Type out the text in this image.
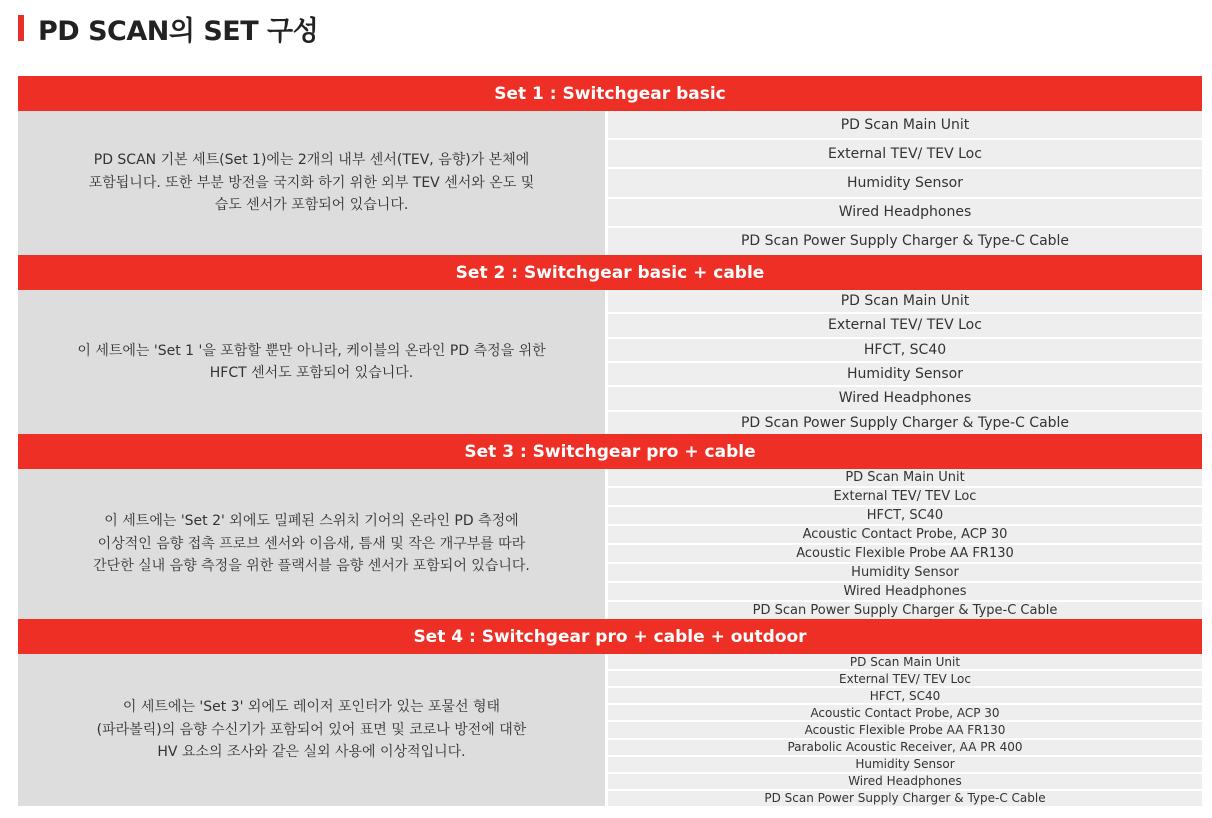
PD SCAN의 SET 구성
Set 1 : Switchgear basic
PD SCAN 기본 세트(Set 1)에는 2개의 내부 센서(TEV, 음향)가 본체에
포함됩니다. 또한 부분 방전을 국지화 하기 위한 외부 TEV 센서와 온도 및
습도 센서가 포함되어 있습니다.
PD Scan Main Unit
External TEV/ TEV Loc
Humidity Sensor
Wired Headphones
PD Scan Power Supply Charger & Type-C Cable
Set 2 : Switchgear basic + cable
이 세트에는 'Set 1 '을 포함할 뿐만 아니라, 케이블의 온라인 PD 측정을 위한
HFCT 센서도 포함되어 있습니다.
PD Scan Main Unit
External TEV/ TEV Loc
HFCT, SC40
Humidity Sensor
Wired Headphones
PD Scan Power Supply Charger & Type-C Cable
Set 3 : Switchgear pro + cable
이 세트에는 'Set 2' 외에도 밀폐된 스위치 기어의 온라인 PD 측정에
이상적인 음향 접촉 프로브 센서와 이음새, 틈새 및 작은 개구부를 따라
간단한 실내 음향 측정을 위한 플랙서블 음향 센서가 포함되어 있습니다.
PD Scan Main Unit
External TEV/ TEV Loc
HFCT, SC40
Acoustic Contact Probe, ACP 30
Acoustic Flexible Probe AA FR130
Humidity Sensor
Wired Headphones
PD Scan Power Supply Charger & Type-C Cable
Set 4 : Switchgear pro + cable + outdoor
이 세트에는 'Set 3' 외에도 레이저 포인터가 있는 포물선 형태
(파라볼릭)의 음향 수신기가 포함되어 있어 표면 및 코로나 방전에 대한
HV 요소의 조사와 같은 실외 사용에 이상적입니다.
PD Scan Main Unit
External TEV/ TEV Loc
HFCT, SC40
Acoustic Contact Probe, ACP 30
Acoustic Flexible Probe AA FR130
Parabolic Acoustic Receiver, AA PR 400
Humidity Sensor
Wired Headphones
PD Scan Power Supply Charger & Type-C Cable
